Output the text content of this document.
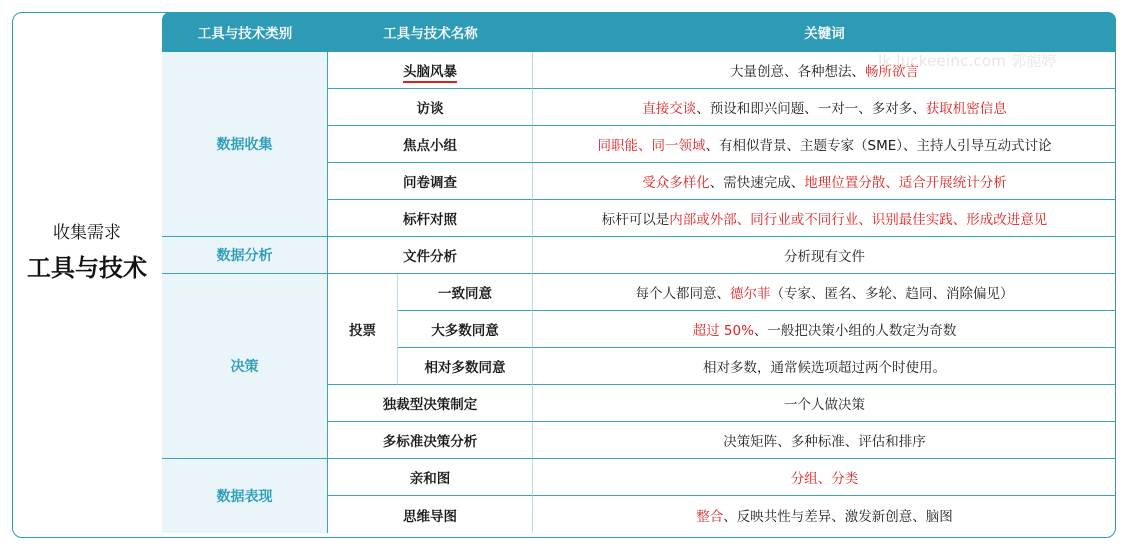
收集需求
工具与技术
工具与技术类别	工具与技术名称		关键词
数据收集	头脑风暴		大量创意、各种想法、畅所欲言
	访谈		直接交谈、预设和即兴问题、一对一、多对多、获取机密信息
	焦点小组		同职能、同一领域、有相似背景、主题专家（SME）、主持人引导互动式讨论
	问卷调查		受众多样化、需快速完成、地理位置分散、适合开展统计分析
	标杆对照		标杆可以是内部或外部、同行业或不同行业、识别最佳实践、形成改进意见
数据分析	文件分析		分析现有文件
决策	投票	一致同意	每个人都同意、德尔菲（专家、匿名、多轮、趋同、消除偏见）
		大多数同意	超过 50%、一般把决策小组的人数定为奇数
		相对多数同意	相对多数，通常候选项超过两个时使用。
	独裁型决策制定		一个人做决策
	多标准决策分析		决策矩阵、多种标准、评估和排序
数据表现	亲和图		分组、分类
	思维导图		整合、反映共性与差异、激发新创意、脑图
lk.luckeeinc.com 郭旎婷
